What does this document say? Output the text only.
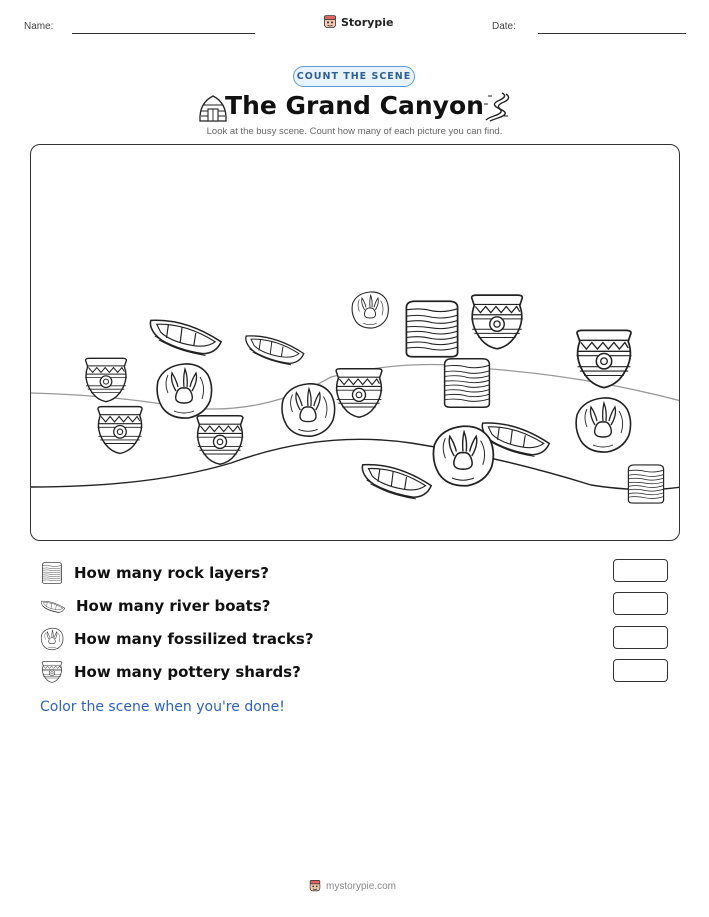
Name:	Storypie	Date:
COUNT THE SCENE
The Grand Canyon
Look at the busy scene. Count how many of each picture you can find.
How many rock layers?
How many river boats?
How many fossilized tracks?
How many pottery shards?
Color the scene when you're done!
mystorypie.com
